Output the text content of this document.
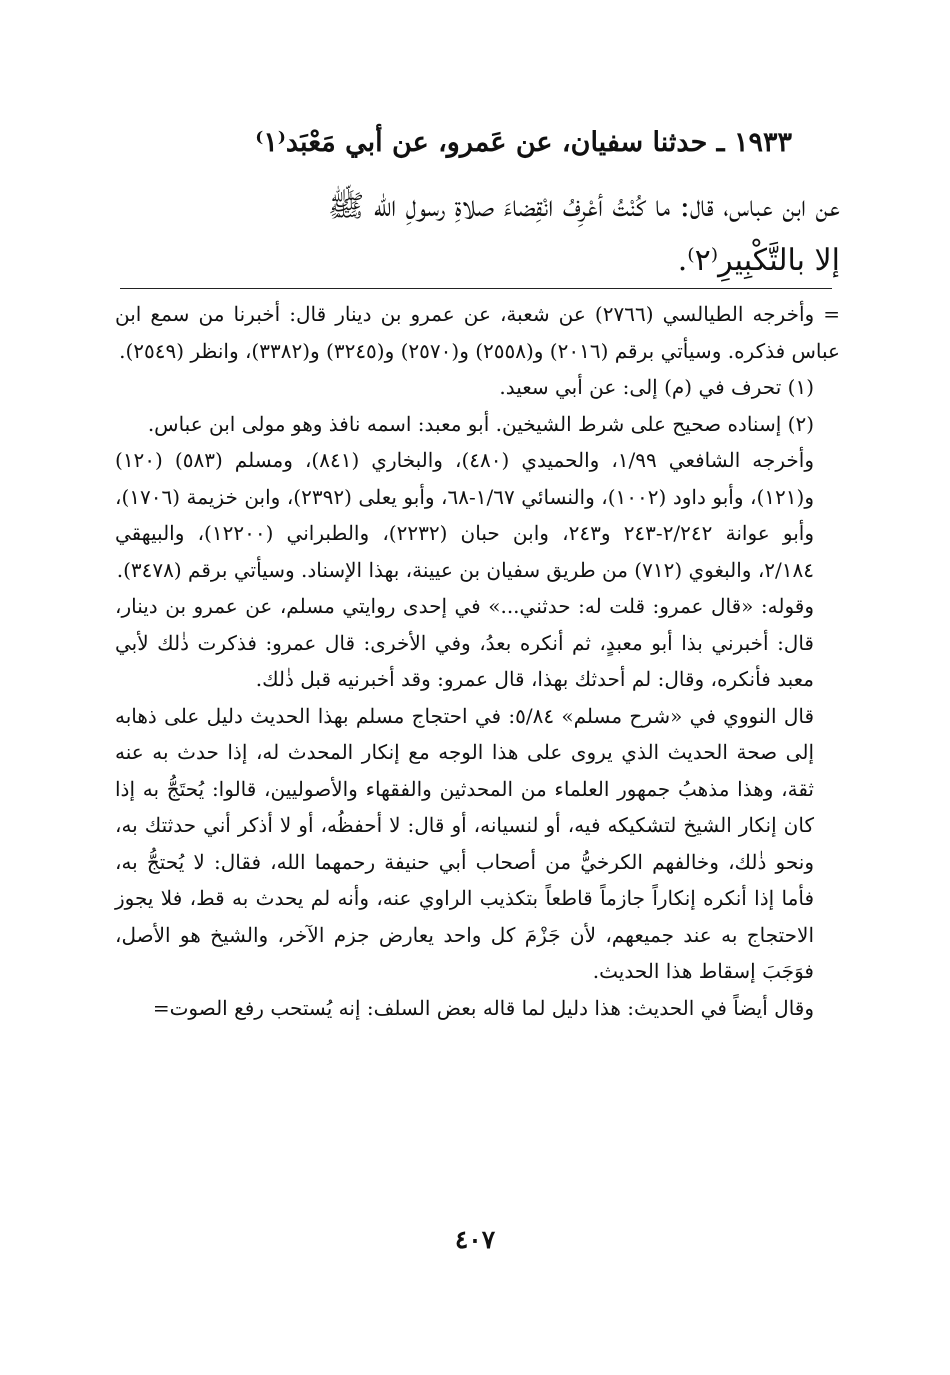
١٩٣٣ ـ حدثنا سفيان، عن عَمرو، عن أبي مَعْبَد⁽١⁾
عن ابن عباس، قال: ما كُنْتُ أعْرِفُ انْقِضاءَ صلاةِ رسولِ الله ﷺ
إلا بالتَّكْبِيرِ⁽٢⁾.

= وأخرجه الطيالسي (٢٧٦٦) عن شعبة، عن عمرو بن دينار قال: أخبرنا من سمع ابن عباس فذكره. وسيأتي برقم (٢٠١٦) و(٢٥٥٨) و(٢٥٧٠) و(٣٢٤٥) و(٣٣٨٢)، وانظر (٢٥٤٩).

(١) تحرف في (م) إلى: عن أبي سعيد.

(٢) إسناده صحيح على شرط الشيخين. أبو معبد: اسمه نافذ وهو مولى ابن عباس.

وأخرجه الشافعي ١/٩٩، والحميدي (٤٨٠)، والبخاري (٨٤١)، ومسلم (٥٨٣) (١٢٠) و(١٢١)، وأبو داود (١٠٠٢)، والنسائي ١/٦٧-٦٨، وأبو يعلى (٢٣٩٢)، وابن خزيمة (١٧٠٦)، وأبو عوانة ٢/٢٤٢-٢٤٣ و٢٤٣، وابن حبان (٢٢٣٢)، والطبراني (١٢٢٠٠)، والبيهقي ٢/١٨٤، والبغوي (٧١٢) من طريق سفيان بن عيينة، بهذا الإسناد. وسيأتي برقم (٣٤٧٨).

وقوله: «قال عمرو: قلت له: حدثني...» في إحدى روايتي مسلم، عن عمرو بن دينار، قال: أخبرني بذا أبو معبدٍ، ثم أنكره بعدُ، وفي الأخرى: قال عمرو: فذكرت ذٰلك لأبي معبد فأنكره، وقال: لم أحدثك بهذا، قال عمرو: وقد أخبرنيه قبل ذٰلك.

قال النووي في «شرح مسلم» ٥/٨٤: في احتجاج مسلم بهذا الحديث دليل على ذهابه إلى صحة الحديث الذي يروى على هذا الوجه مع إنكار المحدث له، إذا حدث به عنه ثقة، وهذا مذهبُ جمهور العلماء من المحدثين والفقهاء والأصوليين، قالوا: يُحتَجُّ به إذا كان إنكار الشيخ لتشكيكه فيه، أو لنسيانه، أو قال: لا أحفظُه، أو لا أذكر أني حدثتك به، ونحو ذٰلك، وخالفهم الكرخيُّ من أصحاب أبي حنيفة رحمهما الله، فقال: لا يُحتجُّ به، فأما إذا أنكره إنكاراً جازماً قاطعاً بتكذيب الراوي عنه، وأنه لم يحدث به قط، فلا يجوز الاحتجاج به عند جميعهم، لأن جَزْمَ كل واحد يعارض جزم الآخر، والشيخ هو الأصل، فوَجَبَ إسقاط هذا الحديث.

وقال أيضاً في الحديث: هذا دليل لما قاله بعض السلف: إنه يُستحب رفع الصوت=

٤٠٧
